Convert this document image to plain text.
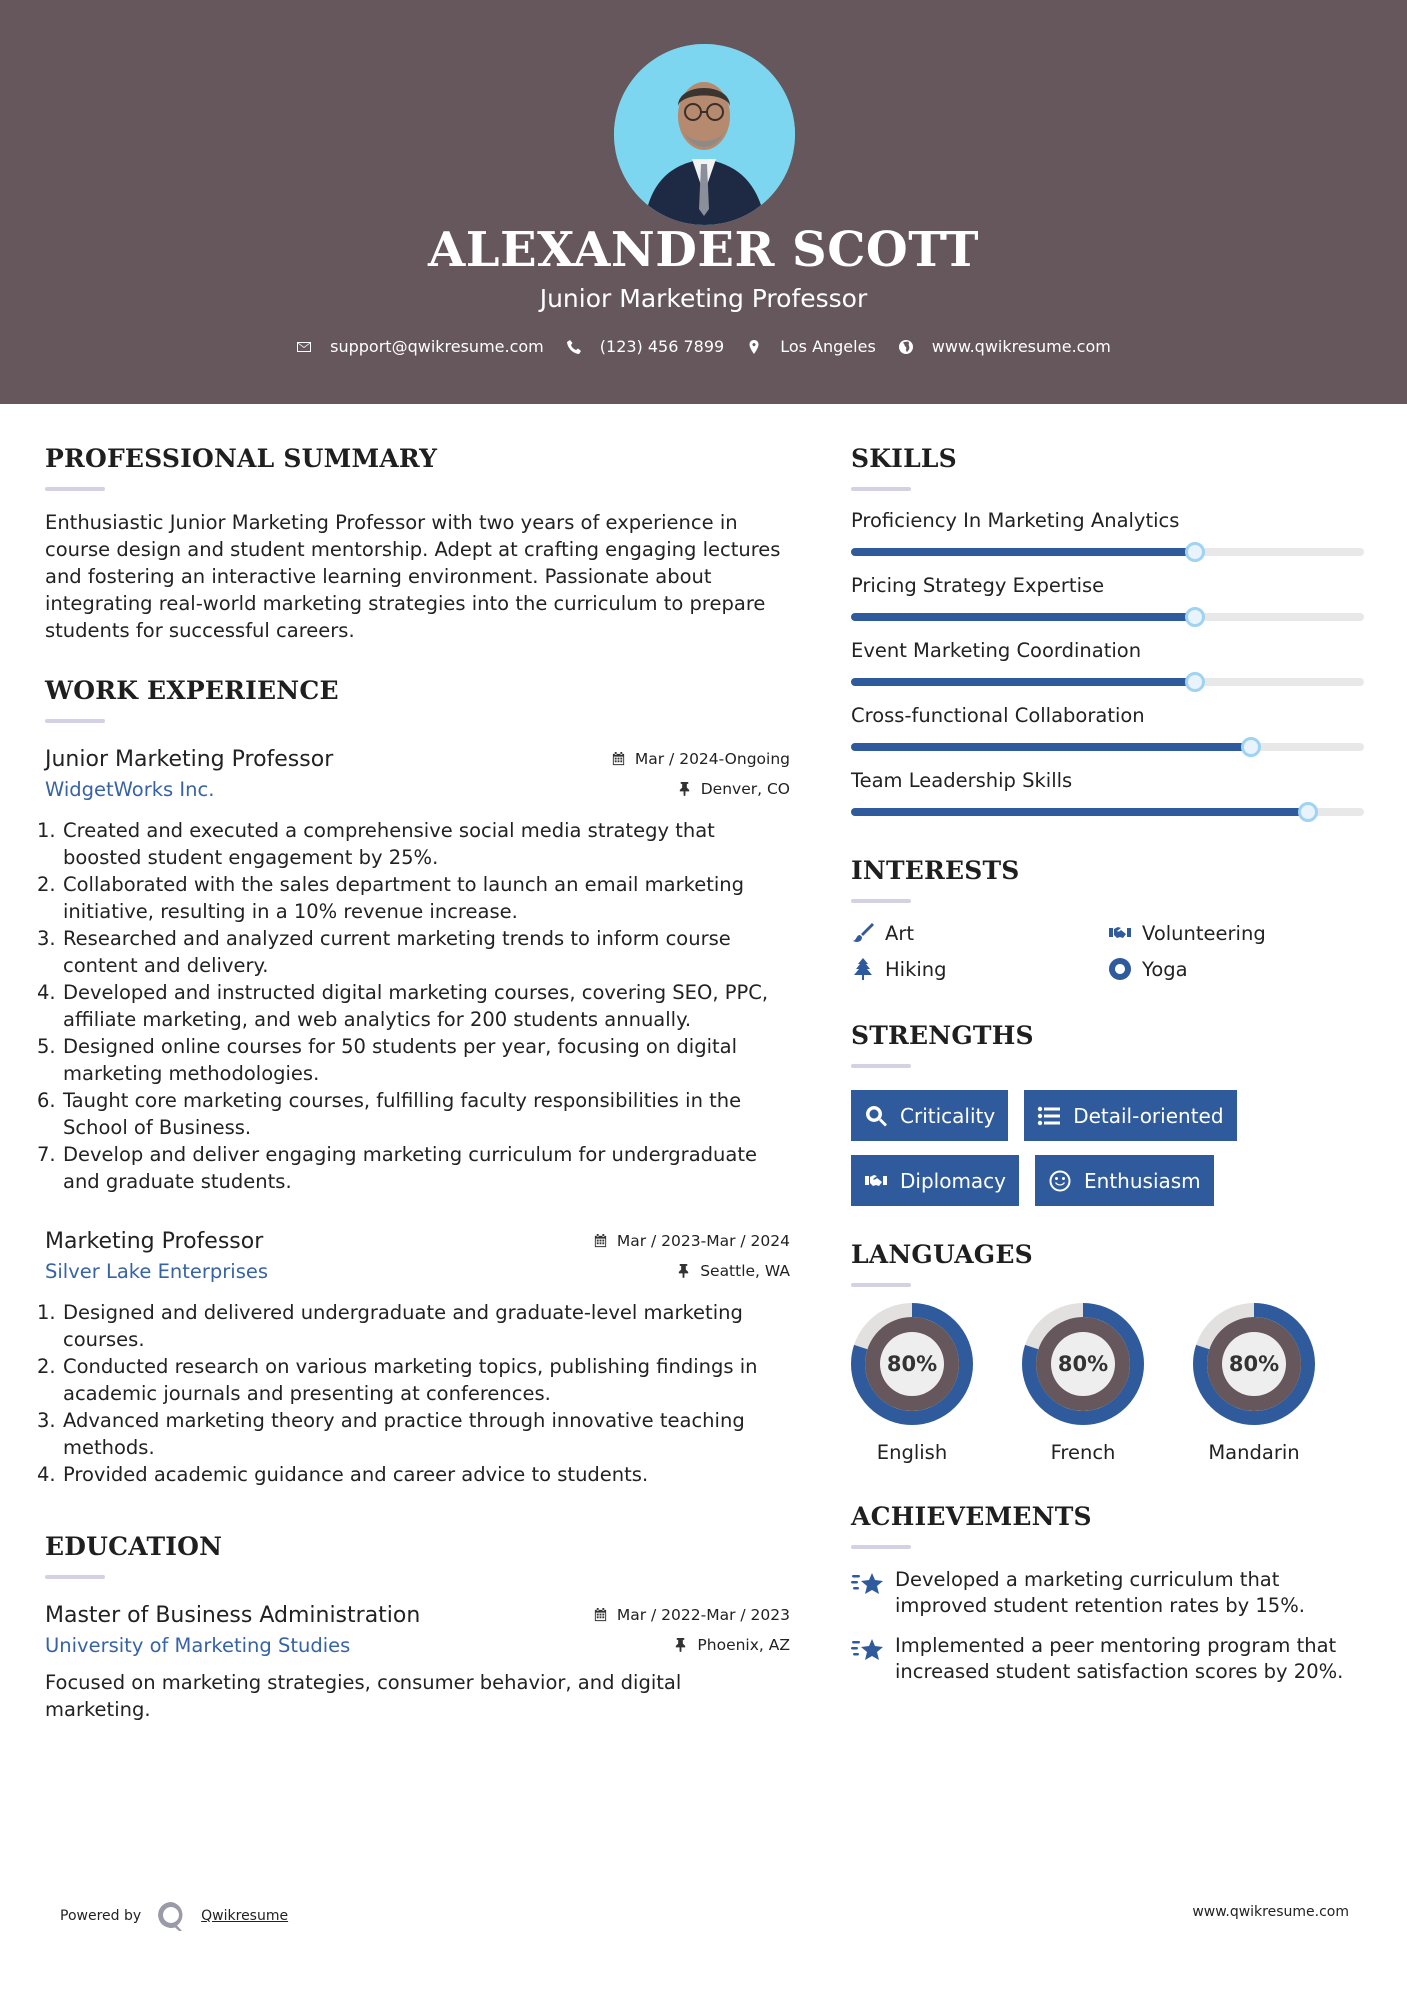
ALEXANDER SCOTT
Junior Marketing Professor
support@qwikresume.com	(123) 456 7899	Los Angeles	www.qwikresume.com
PROFESSIONAL SUMMARY

Enthusiastic Junior Marketing Professor with two years of experience in course design and student mentorship. Adept at crafting engaging lectures and fostering an interactive learning environment. Passionate about integrating real-world marketing strategies into the curriculum to prepare students for successful careers.

WORK EXPERIENCE
Junior Marketing Professor	Mar / 2024-Ongoing
WidgetWorks Inc.	Denver, CO
1. Created and executed a comprehensive social media strategy that boosted student engagement by 25%.
2. Collaborated with the sales department to launch an email marketing initiative, resulting in a 10% revenue increase.
3. Researched and analyzed current marketing trends to inform course content and delivery.
4. Developed and instructed digital marketing courses, covering SEO, PPC, affiliate marketing, and web analytics for 200 students annually.
5. Designed online courses for 50 students per year, focusing on digital marketing methodologies.
6. Taught core marketing courses, fulfilling faculty responsibilities in the School of Business.
7. Develop and deliver engaging marketing curriculum for undergraduate and graduate students.
Marketing Professor	Mar / 2023-Mar / 2024
Silver Lake Enterprises	Seattle, WA
1. Designed and delivered undergraduate and graduate-level marketing courses.
2. Conducted research on various marketing topics, publishing findings in academic journals and presenting at conferences.
3. Advanced marketing theory and practice through innovative teaching methods.
4. Provided academic guidance and career advice to students.
EDUCATION
Master of Business Administration	Mar / 2022-Mar / 2023
University of Marketing Studies	Phoenix, AZ

Focused on marketing strategies, consumer behavior, and digital marketing.

SKILLS
Proficiency In Marketing Analytics
Pricing Strategy Expertise
Event Marketing Coordination
Cross-functional Collaboration
Team Leadership Skills
INTERESTS
Art	Volunteering
Hiking	Yoga
STRENGTHS
Criticality	Detail-oriented
Diplomacy	Enthusiasm
LANGUAGES
80%
English
80%
French
80%
Mandarin
ACHIEVEMENTS
Developed a marketing curriculum that improved student retention rates by 15%.
Implemented a peer mentoring program that increased student satisfaction scores by 20%.
Powered by	Qwikresume	www.qwikresume.com
